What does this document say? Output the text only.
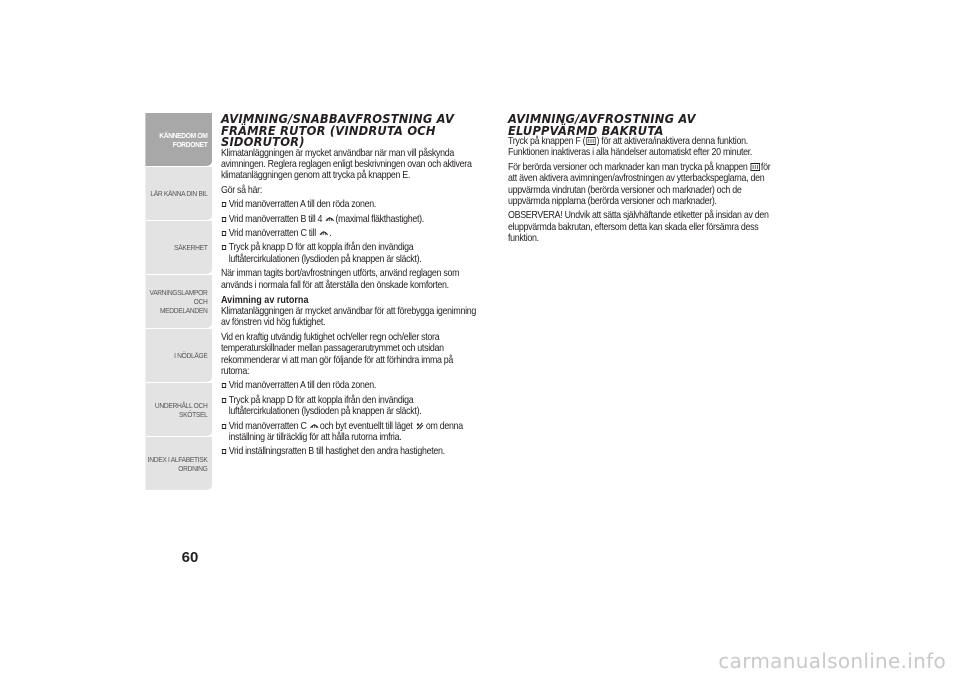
KÄNNEDOM OM
FORDONET
LÄR KÄNNA DIN BIL
SÄKERHET
VARNINGSLAMPOR
OCH MEDDELANDEN
I NÖDLÄGE
UNDERHÅLL OCH
SKÖTSEL
INDEX I ALFABETISK
ORDNING
60
AVIMNING/SNABBAVFROSTNING AV FRÄMRE RUTOR (VINDRUTA OCH SIDORUTOR)

Klimatanläggningen är mycket användbar när man vill påskynda avimningen. Reglera reglagen enligt beskrivningen ovan och aktivera klimatanläggningen genom att trycka på knappen E.

Gör så här:

Vrid manöverratten A till den röda zonen.
Vrid manöverratten B till 4 (maximal fläkthastighet).
Vrid manöverratten C till .
Tryck på knapp D för att koppla ifrån den invändiga luftåtercirkulationen (lysdioden på knappen är släckt).

När imman tagits bort/avfrostningen utförts, använd reglagen som används i normala fall för att återställa den önskade komforten.

Avimning av rutorna

Klimatanläggningen är mycket användbar för att förebygga igenimning av fönstren vid hög fuktighet.

Vid en kraftig utvändig fuktighet och/eller regn och/eller stora temperaturskillnader mellan passagerarutrymmet och utsidan rekommenderar vi att man gör följande för att förhindra imma på rutorna:

Vrid manöverratten A till den röda zonen.
Tryck på knapp D för att koppla ifrån den invändiga luftåtercirkulationen (lysdioden på knappen är släckt).
Vrid manöverratten C och byt eventuellt till läget om denna inställning är tillräcklig för att hålla rutorna imfria.
Vrid inställningsratten B till hastighet den andra hastigheten.
AVIMNING/AVFROSTNING AV ELUPPVÄRMD BAKRUTA

Tryck på knappen F ( ) för att aktivera/inaktivera denna funktion. Funktionen inaktiveras i alla händelser automatiskt efter 20 minuter.

För berörda versioner och marknader kan man trycka på knappen för att även aktivera avimningen/avfrostningen av ytterbackspeglarna, den uppvärmda vindrutan (berörda versioner och marknader) och de uppvärmda nipplarna (berörda versioner och marknader).

OBSERVERA! Undvik att sätta självhäftande etiketter på insidan av den eluppvärmda bakrutan, eftersom detta kan skada eller försämra dess funktion.

carmanualsonline.info
